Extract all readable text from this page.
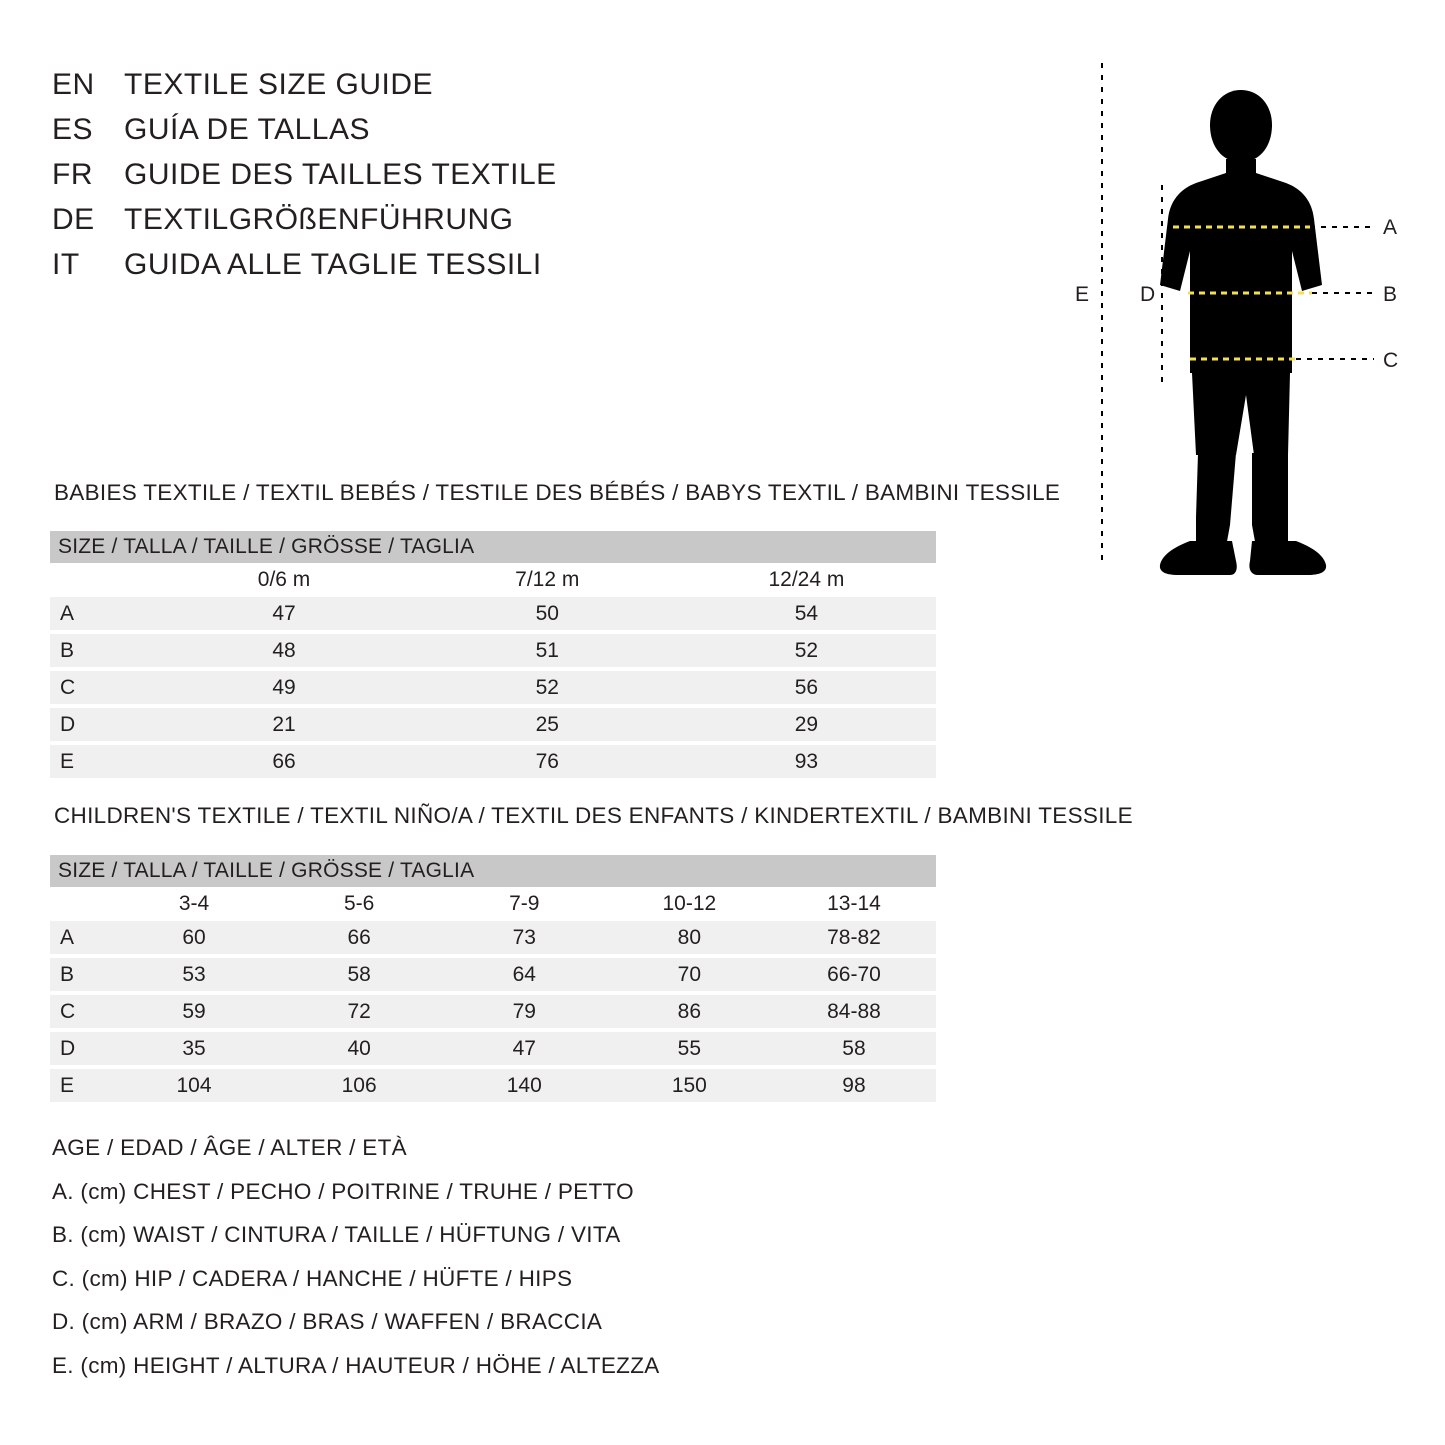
EN TEXTILE SIZE GUIDE
ES	GUÍA DE TALLAS
FR	GUIDE DES TAILLES TEXTILE
DE TEXTILGRÖßENFÜHRUNG
IT	GUIDA ALLE TAGLIE TESSILI
A
B
C
D
E
BABIES TEXTILE / TEXTIL BEBÉS / TESTILE DES BÉBÉS / BABYS TEXTIL / BAMBINI TESSILE
SIZE / TALLA / TAILLE / GRÖSSE / TAGLIA			
	0/6 m	7/12 m	12/24 m
A	47	50	54

B	48	51	52

C	49	52	56

D	21	25	29

E	66	76	93
CHILDREN'S TEXTILE / TEXTIL NIÑO/A / TEXTIL DES ENFANTS / KINDERTEXTIL / BAMBINI TESSILE
SIZE / TALLA / TAILLE / GRÖSSE / TAGLIA					
	3-4	5-6	7-9	10-12	13-14
A	60	66	73	80	78-82

B	53	58	64	70	66-70

C	59	72	79	86	84-88

D	35	40	47	55	58

E	104	106	140	150	98
AGE / EDAD / ÂGE / ALTER / ETÀ
A. (cm) CHEST / PECHO / POITRINE / TRUHE / PETTO
B. (cm) WAIST / CINTURA / TAILLE / HÜFTUNG / VITA
C. (cm) HIP / CADERA / HANCHE / HÜFTE / HIPS
D. (cm) ARM / BRAZO / BRAS / WAFFEN / BRACCIA
E. (cm) HEIGHT / ALTURA / HAUTEUR / HÖHE / ALTEZZA
